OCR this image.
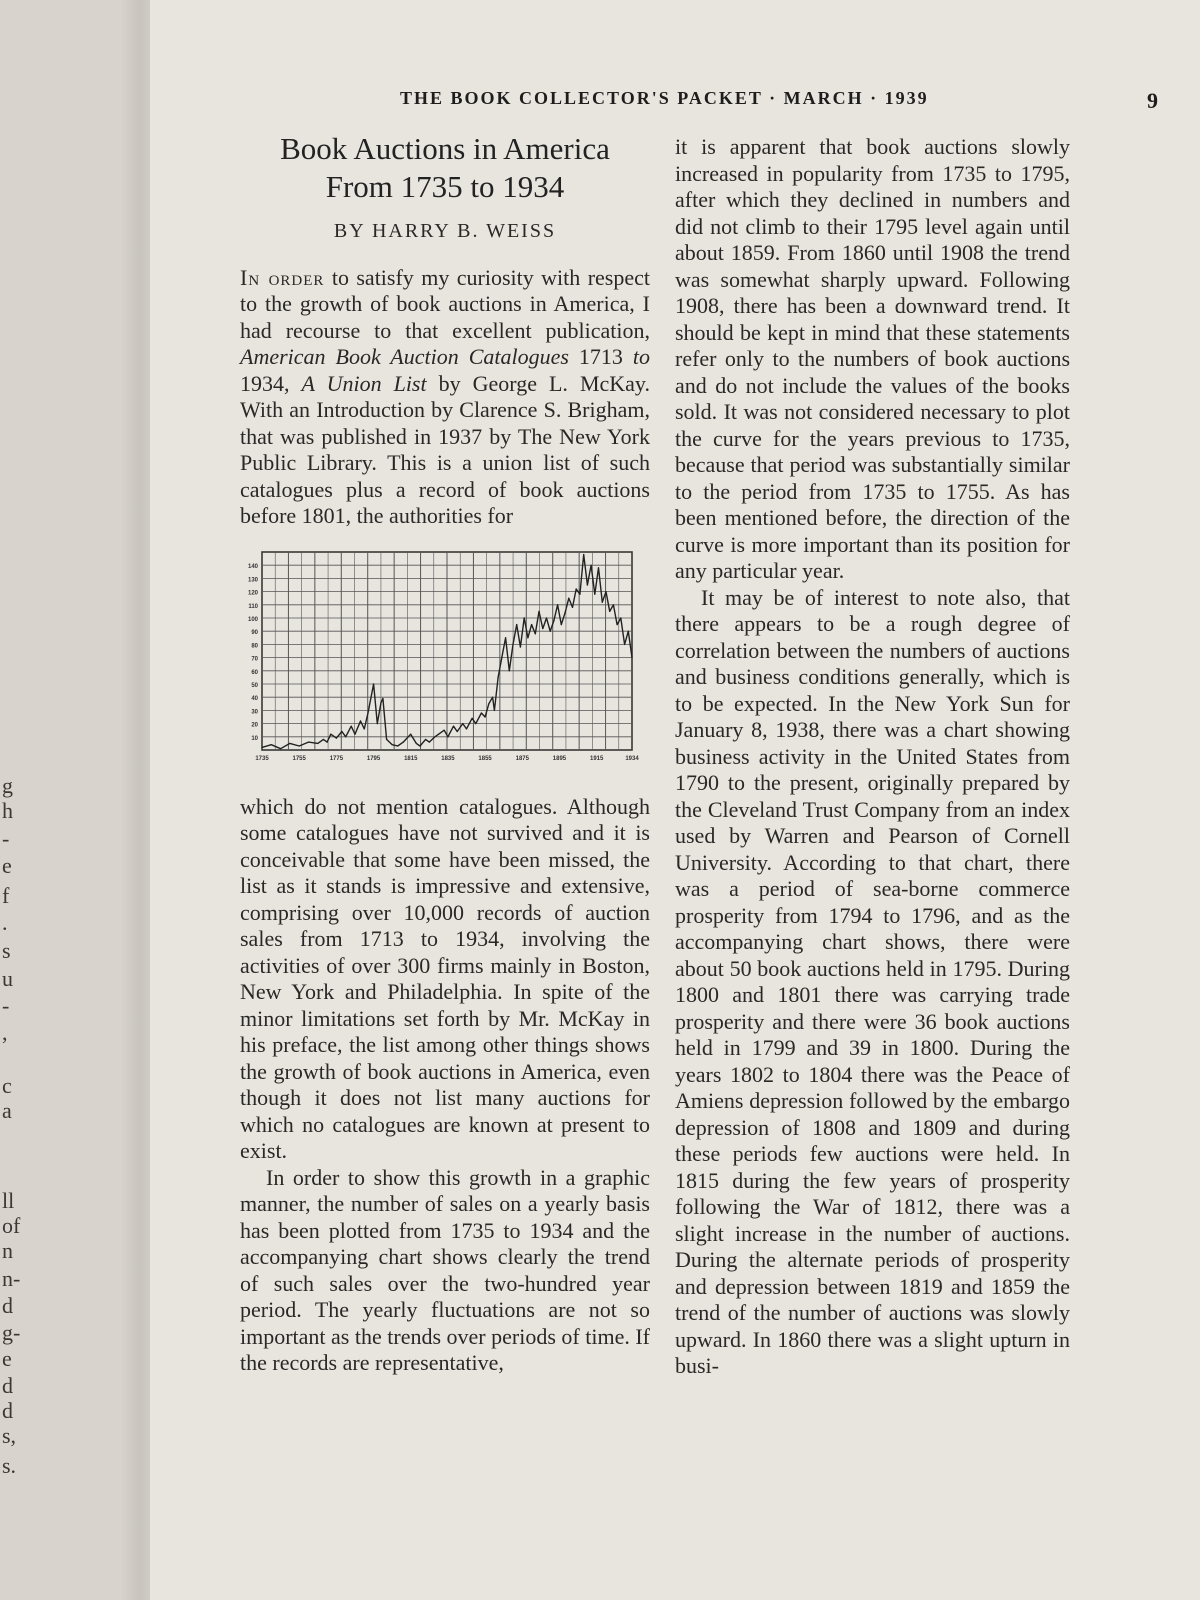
g
h
-
e
f
.
s
u
-
,
c
a
ll
of
n
n-
d
g-
e
d
d
s,
s.
THE BOOK COLLECTOR'S PACKET · MARCH · 1939	9
Book Auctions in America
From 1735 to 1934
BY HARRY B. WEISS

In order to satisfy my curiosity with respect to the growth of book auctions in America, I had recourse to that excellent publication, American Book Auction Catalogues 1713 to 1934, A Union List by George L. McKay. With an Introduction by Clarence S. Brigham, that was published in 1937 by The New York Public Library. This is a union list of such catalogues plus a record of book auctions before 1801, the authorities for

10
20
30
40
50
60
70
80
90
100
110
120
130
140
1735	1755	1775	1795	1815	1835	1855	1875	1895	1915	1934

which do not mention catalogues. Although some catalogues have not survived and it is conceivable that some have been missed, the list as it stands is impressive and extensive, comprising over 10,000 records of auction sales from 1713 to 1934, involving the activities of over 300 firms mainly in Boston, New York and Philadelphia. In spite of the minor limitations set forth by Mr. McKay in his preface, the list among other things shows the growth of book auctions in America, even though it does not list many auctions for which no catalogues are known at present to exist.

In order to show this growth in a graphic manner, the number of sales on a yearly basis has been plotted from 1735 to 1934 and the accompanying chart shows clearly the trend of such sales over the two-hundred year period. The yearly fluctuations are not so important as the trends over periods of time. If the records are representative,

it is apparent that book auctions slowly increased in popularity from 1735 to 1795, after which they declined in numbers and did not climb to their 1795 level again until about 1859. From 1860 until 1908 the trend was somewhat sharply upward. Following 1908, there has been a downward trend. It should be kept in mind that these statements refer only to the numbers of book auctions and do not include the values of the books sold. It was not considered necessary to plot the curve for the years previous to 1735, because that period was substantially similar to the period from 1735 to 1755. As has been mentioned before, the direction of the curve is more important than its position for any particular year.

It may be of interest to note also, that there appears to be a rough degree of correlation between the numbers of auctions and business conditions generally, which is to be expected. In the New York Sun for January 8, 1938, there was a chart showing business activity in the United States from 1790 to the present, originally prepared by the Cleveland Trust Company from an index used by Warren and Pearson of Cornell University. According to that chart, there was a period of sea-borne commerce prosperity from 1794 to 1796, and as the accompanying chart shows, there were about 50 book auctions held in 1795. During 1800 and 1801 there was carrying trade prosperity and there were 36 book auctions held in 1799 and 39 in 1800. During the years 1802 to 1804 there was the Peace of Amiens depression followed by the embargo depression of 1808 and 1809 and during these periods few auctions were held. In 1815 during the few years of prosperity following the War of 1812, there was a slight increase in the number of auctions. During the alternate periods of prosperity and depression between 1819 and 1859 the trend of the number of auctions was slowly upward. In 1860 there was a slight upturn in busi-
